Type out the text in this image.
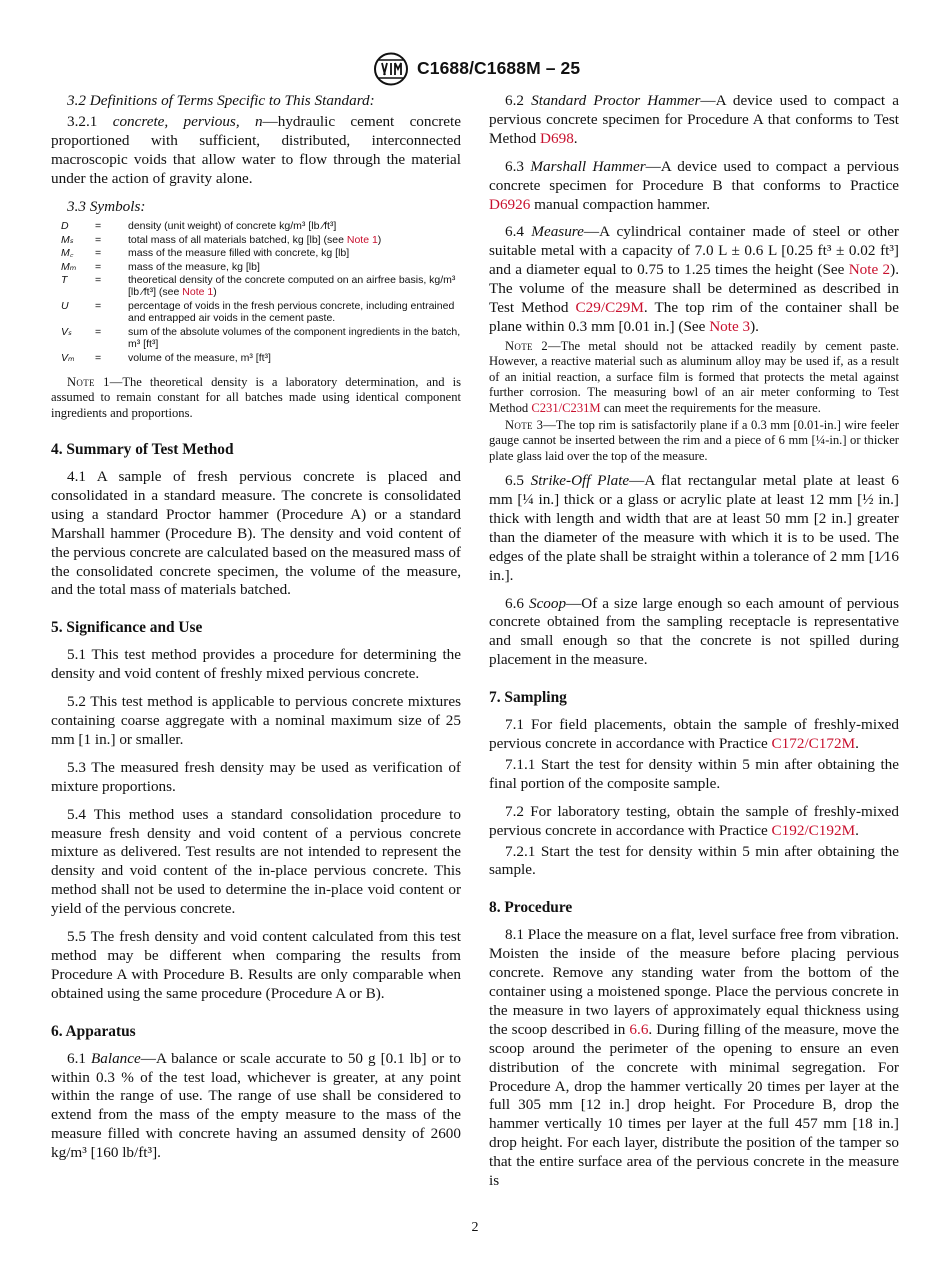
C1688/C1688M – 25

3.2 Definitions of Terms Specific to This Standard:

3.2.1 concrete, pervious, n—hydraulic cement concrete proportioned with sufficient, distributed, interconnected macroscopic voids that allow water to flow through the material under the action of gravity alone.

3.3 Symbols:

D	=	density (unit weight) of concrete kg/m³ [lb ⁄ft³]
Mₛ	=	total mass of all materials batched, kg [lb] (see Note 1)
M꜀	=	mass of the measure filled with concrete, kg [lb]
Mₘ	=	mass of the measure, kg [lb]
T	=	theoretical density of the concrete computed on an airfree basis, kg/m³ [lb ⁄ft³] (see Note 1)
U	=	percentage of voids in the fresh pervious concrete, including entrained and entrapped air voids in the cement paste.
Vₛ	=	sum of the absolute volumes of the component ingredients in the batch, m³ [ft³]
Vₘ	=	volume of the measure, m³ [ft³]

Note 1—The theoretical density is a laboratory determination, and is assumed to remain constant for all batches made using identical component ingredients and proportions.

4. Summary of Test Method

4.1 A sample of fresh pervious concrete is placed and consolidated in a standard measure. The concrete is consolidated using a standard Proctor hammer (Procedure A) or a standard Marshall hammer (Procedure B). The density and void content of the pervious concrete are calculated based on the measured mass of the consolidated concrete specimen, the volume of the measure, and the total mass of materials batched.

5. Significance and Use

5.1 This test method provides a procedure for determining the density and void content of freshly mixed pervious concrete.

5.2 This test method is applicable to pervious concrete mixtures containing coarse aggregate with a nominal maximum size of 25 mm [1 in.] or smaller.

5.3 The measured fresh density may be used as verification of mixture proportions.

5.4 This method uses a standard consolidation procedure to measure fresh density and void content of a pervious concrete mixture as delivered. Test results are not intended to represent the density and void content of the in-place pervious concrete. This method shall not be used to determine the in-place void content or yield of the pervious concrete.

5.5 The fresh density and void content calculated from this test method may be different when comparing the results from Procedure A with Procedure B. Results are only comparable when obtained using the same procedure (Procedure A or B).

6. Apparatus

6.1 Balance—A balance or scale accurate to 50 g [0.1 lb] or to within 0.3 % of the test load, whichever is greater, at any point within the range of use. The range of use shall be considered to extend from the mass of the empty measure to the mass of the measure filled with concrete having an assumed density of 2600 kg/m³ [160 lb/ft³].

6.2 Standard Proctor Hammer—A device used to compact a pervious concrete specimen for Procedure A that conforms to Test Method D698.

6.3 Marshall Hammer—A device used to compact a pervious concrete specimen for Procedure B that conforms to Practice D6926 manual compaction hammer.

6.4 Measure—A cylindrical container made of steel or other suitable metal with a capacity of 7.0 L ± 0.6 L [0.25 ft³ ± 0.02 ft³] and a diameter equal to 0.75 to 1.25 times the height (See Note 2). The volume of the measure shall be determined as described in Test Method C29/C29M. The top rim of the container shall be plane within 0.3 mm [0.01 in.] (See Note 3).

Note 2—The metal should not be attacked readily by cement paste. However, a reactive material such as aluminum alloy may be used if, as a result of an initial reaction, a surface film is formed that protects the metal against further corrosion. The measuring bowl of an air meter conforming to Test Method C231/C231M can meet the requirements for the measure.

Note 3—The top rim is satisfactorily plane if a 0.3 mm [0.01-in.] wire feeler gauge cannot be inserted between the rim and a piece of 6 mm [¼-in.] or thicker plate glass laid over the top of the measure.

6.5 Strike-Off Plate—A flat rectangular metal plate at least 6 mm [¼ in.] thick or a glass or acrylic plate at least 12 mm [½ in.] thick with length and width that are at least 50 mm [2 in.] greater than the diameter of the measure with which it is to be used. The edges of the plate shall be straight within a tolerance of 2 mm [1⁄16 in.].

6.6 Scoop—Of a size large enough so each amount of pervious concrete obtained from the sampling receptacle is representative and small enough so that the concrete is not spilled during placement in the measure.

7. Sampling

7.1 For field placements, obtain the sample of freshly-mixed pervious concrete in accordance with Practice C172/C172M.

7.1.1 Start the test for density within 5 min after obtaining the final portion of the composite sample.

7.2 For laboratory testing, obtain the sample of freshly-mixed pervious concrete in accordance with Practice C192/C192M.

7.2.1 Start the test for density within 5 min after obtaining the sample.

8. Procedure

8.1 Place the measure on a flat, level surface free from vibration. Moisten the inside of the measure before placing pervious concrete. Remove any standing water from the bottom of the container using a moistened sponge. Place the pervious concrete in the measure in two layers of approximately equal thickness using the scoop described in 6.6. During filling of the measure, move the scoop around the perimeter of the opening to ensure an even distribution of the concrete with minimal segregation. For Procedure A, drop the hammer vertically 20 times per layer at the full 305 mm [12 in.] drop height. For Procedure B, drop the hammer vertically 10 times per layer at the full 457 mm [18 in.] drop height. For each layer, distribute the position of the tamper so that the entire surface area of the pervious concrete in the measure is

2
